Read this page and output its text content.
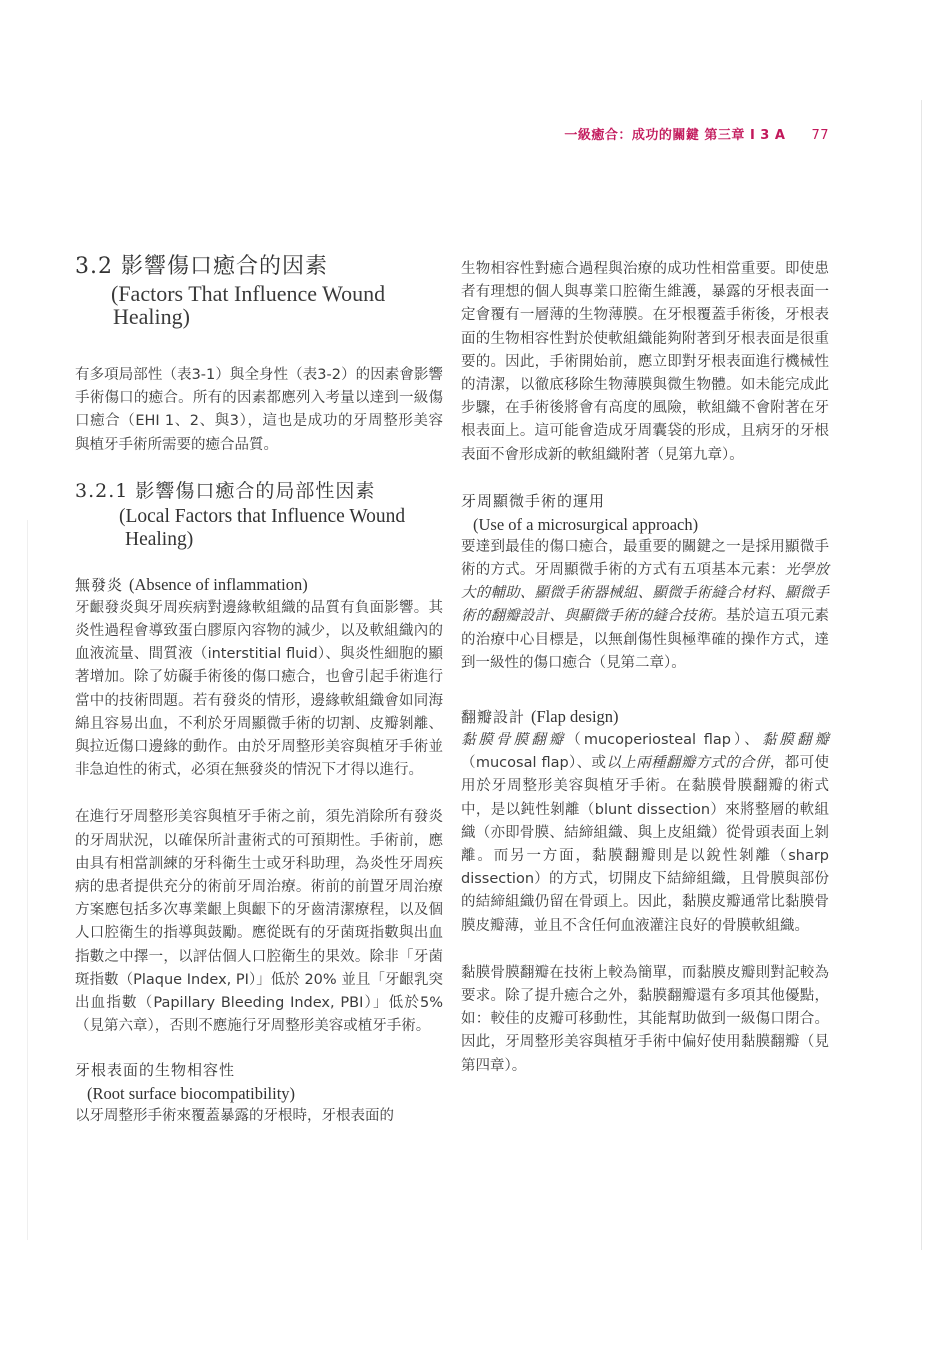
一級癒合：成功的關鍵 第三章 I 3 A 77
3.2 影響傷口癒合的因素
(Factors That Influence Wound Healing)

有多項局部性（表3-1）與全身性（表3-2）的因素會影響手術傷口的癒合。所有的因素都應列入考量以達到一級傷口癒合（EHI 1、2、與3），這也是成功的牙周整形美容與植牙手術所需要的癒合品質。

3.2.1 影響傷口癒合的局部性因素
(Local Factors that Influence Wound Healing)
無發炎 (Absence of inflammation)

牙齦發炎與牙周疾病對邊緣軟組織的品質有負面影響。其炎性過程會導致蛋白膠原內容物的減少，以及軟組織內的血液流量、間質液（interstitial fluid）、與炎性細胞的顯著增加。除了妨礙手術後的傷口癒合，也會引起手術進行當中的技術問題。若有發炎的情形，邊緣軟組織會如同海綿且容易出血，不利於牙周顯微手術的切割、皮瓣剝離、與拉近傷口邊緣的動作。由於牙周整形美容與植牙手術並非急迫性的術式，必須在無發炎的情況下才得以進行。

在進行牙周整形美容與植牙手術之前，須先消除所有發炎的牙周狀況，以確保所計畫術式的可預期性。手術前，應由具有相當訓練的牙科衛生士或牙科助理，為炎性牙周疾病的患者提供充分的術前牙周治療。術前的前置牙周治療方案應包括多次專業齦上與齦下的牙齒清潔療程，以及個人口腔衛生的指導與鼓勵。應從既有的牙菌斑指數與出血指數之中擇一，以評估個人口腔衛生的果效。除非「牙菌斑指數（Plaque Index, PI）」低於 20% 並且「牙齦乳突出血指數（Papillary Bleeding Index, PBI）」低於5%（見第六章），否則不應施行牙周整形美容或植牙手術。

牙根表面的生物相容性
(Root surface biocompatibility)

以牙周整形手術來覆蓋暴露的牙根時，牙根表面的

生物相容性對癒合過程與治療的成功性相當重要。即使患者有理想的個人與專業口腔衛生維護，暴露的牙根表面一定會覆有一層薄的生物薄膜。在牙根覆蓋手術後，牙根表面的生物相容性對於使軟組織能夠附著到牙根表面是很重要的。因此，手術開始前，應立即對牙根表面進行機械性的清潔，以徹底移除生物薄膜與微生物體。如未能完成此步驟，在手術後將會有高度的風險，軟組織不會附著在牙根表面上。這可能會造成牙周囊袋的形成，且病牙的牙根表面不會形成新的軟組織附著（見第九章）。

牙周顯微手術的運用
(Use of a microsurgical approach)

要達到最佳的傷口癒合，最重要的關鍵之一是採用顯微手術的方式。牙周顯微手術的方式有五項基本元素：光學放大的輔助、顯微手術器械組、顯微手術縫合材料、顯微手術的翻瓣設計、與顯微手術的縫合技術。基於這五項元素的治療中心目標是，以無創傷性與極準確的操作方式，達到一級性的傷口癒合（見第二章）。

翻瓣設計 (Flap design)

黏膜骨膜翻瓣（mucoperiosteal flap）、黏膜翻瓣（mucosal flap）、或以上兩種翻瓣方式的合併，都可使用於牙周整形美容與植牙手術。在黏膜骨膜翻瓣的術式中，是以鈍性剝離（blunt dissection）來將整層的軟組織（亦即骨膜、結締組織、與上皮組織）從骨頭表面上剝離。而另一方面，黏膜翻瓣則是以銳性剝離（sharp dissection）的方式，切開皮下結締組織，且骨膜與部份的結締組織仍留在骨頭上。因此，黏膜皮瓣通常比黏膜骨膜皮瓣薄，並且不含任何血液灌注良好的骨膜軟組織。

黏膜骨膜翻瓣在技術上較為簡單，而黏膜皮瓣則對記較為要求。除了提升癒合之外，黏膜翻瓣還有多項其他優點，如：較佳的皮瓣可移動性，其能幫助做到一級傷口閉合。因此，牙周整形美容與植牙手術中偏好使用黏膜翻瓣（見第四章）。
